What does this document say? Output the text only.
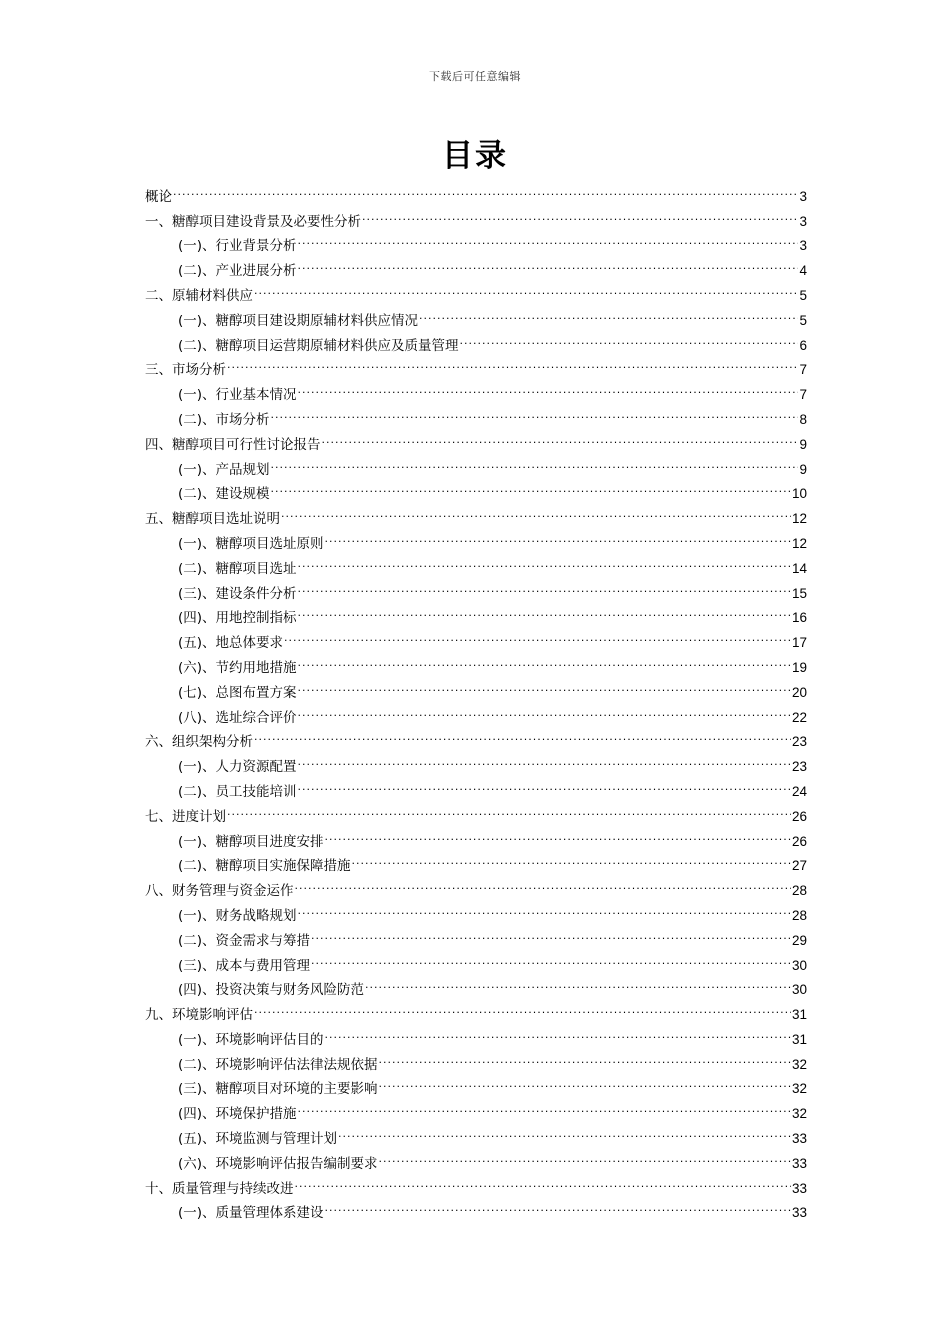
下载后可任意编辑
目录
概论 .....	3
一、糖醇项目建设背景及必要性分析 .....	3
(一)、行业背景分析 .....	3
(二)、产业进展分析 .....	4
二、原辅材料供应 .....	5
(一)、糖醇项目建设期原辅材料供应情况 .....	5
(二)、糖醇项目运营期原辅材料供应及质量管理 .....	6
三、市场分析 .....	7
(一)、行业基本情况 .....	7
(二)、市场分析 .....	8
四、糖醇项目可行性讨论报告 .....	9
(一)、产品规划 .....	9
(二)、建设规模 .....	10
五、糖醇项目选址说明 .....	12
(一)、糖醇项目选址原则 .....	12
(二)、糖醇项目选址 .....	14
(三)、建设条件分析 .....	15
(四)、用地控制指标 .....	16
(五)、地总体要求 .....	17
(六)、节约用地措施 .....	19
(七)、总图布置方案 .....	20
(八)、选址综合评价 .....	22
六、组织架构分析 .....	23
(一)、人力资源配置 .....	23
(二)、员工技能培训 .....	24
七、进度计划 .....	26
(一)、糖醇项目进度安排 .....	26
(二)、糖醇项目实施保障措施 .....	27
八、财务管理与资金运作 .....	28
(一)、财务战略规划 .....	28
(二)、资金需求与筹措 .....	29
(三)、成本与费用管理 .....	30
(四)、投资决策与财务风险防范 .....	30
九、环境影响评估 .....	31
(一)、环境影响评估目的 .....	31
(二)、环境影响评估法律法规依据 .....	32
(三)、糖醇项目对环境的主要影响 .....	32
(四)、环境保护措施 .....	32
(五)、环境监测与管理计划 .....	33
(六)、环境影响评估报告编制要求 .....	33
十、质量管理与持续改进 .....	33
(一)、质量管理体系建设 .....	33
